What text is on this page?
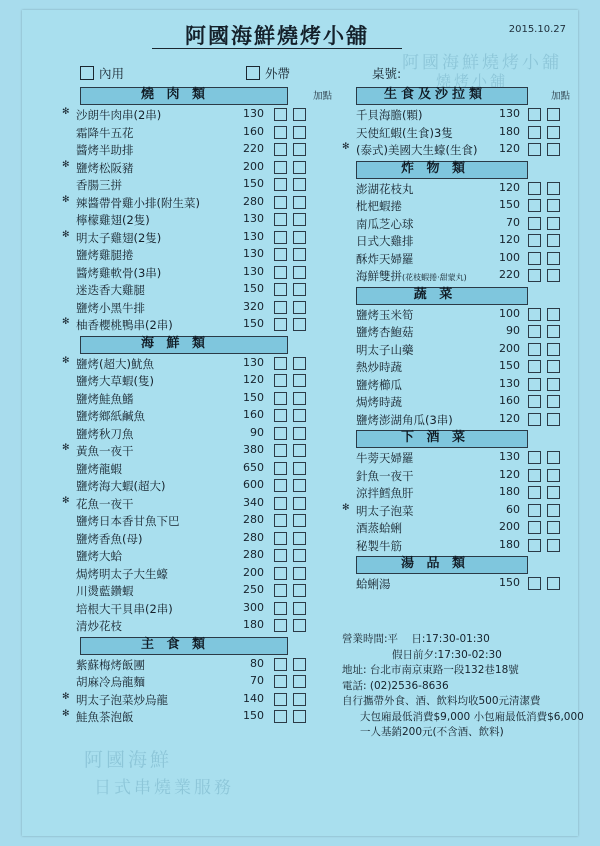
阿國海鮮燒烤小舖	2015.10.27
內用	外帶	桌號:
燒 肉 類	加點
✻ 沙朗牛肉串(2串)	130
霜降牛五花	160
醬烤半助排	220
✻ 鹽烤松阪豬	200
香腸三拼	150
✻ 辣醬帶骨雞小排(附生菜)	280
檸檬雞翅(2隻)	130
✻ 明太子雞翅(2隻)	130
鹽烤雞腿捲	130
醬烤雞軟骨(3串)	130
迷迭香大雞腿	150
鹽烤小黑牛排	320
✻ 柚香櫻桃鴨串(2串)	150
海 鮮 類
✻ 鹽烤(超大)魷魚	130
鹽烤大草蝦(隻)	120
鹽烤鮭魚鰭	150
鹽烤鄉紙鹹魚	160
鹽烤秋刀魚	90
✻ 黃魚一夜干	380
鹽烤龍蝦	650
鹽烤海大蝦(超大)	600
✻ 花魚一夜干	340
鹽烤日本香甘魚下巴	280
鹽烤香魚(母)	280
鹽烤大蛤	280
焗烤明太子大生蠔	200
川燙藍鑽蝦	250
培根大干貝串(2串)	300
清炒花枝	180
主 食 類
紫蘇梅烤飯團	80
胡麻冷烏龍麵	70
✻ 明太子泡菜炒烏龍	140
✻ 鮭魚茶泡飯	150
生食及沙拉類	加點
千貝海膽(顆)	130
天使紅蝦(生食)3隻	180
✻ (泰式)美國大生蠔(生食)	120
炸 物 類
澎湖花枝丸	120
枇杷蝦捲	150
南瓜芝心球	70
日式大雞排	120
酥炸天婦羅	100
海鮮雙拼(花枝蝦捲·甜蒙丸)	220
蔬 菜
鹽烤玉米筍	100
鹽烤杏鮑菇	90
明太子山藥	200
熱炒時蔬	150
鹽烤櫛瓜	130
焗烤時蔬	160
鹽烤澎湖角瓜(3串)	120
下 酒 菜
牛蒡天婦羅	130
針魚一夜干	120
涼拌鱈魚肝	180
✻ 明太子泡菜	60
酒蒸蛤蜊	200
秘製牛筋	180
湯 品 類
蛤蜊湯	150
營業時間:平 日:17:30-01:30
假日前夕:17:30-02:30
地址: 台北市南京東路一段132巷18號
電話: (02)2536-8636
自行攜帶外食、酒、飲料均收500元清潔費
大包廂最低消費$9,000 小包廂最低消費$6,000
一人基銷200元(不含酒、飲料)
阿國海鮮
日式串燒業服務
阿國海鮮燒烤小舖
燒烤小舖
